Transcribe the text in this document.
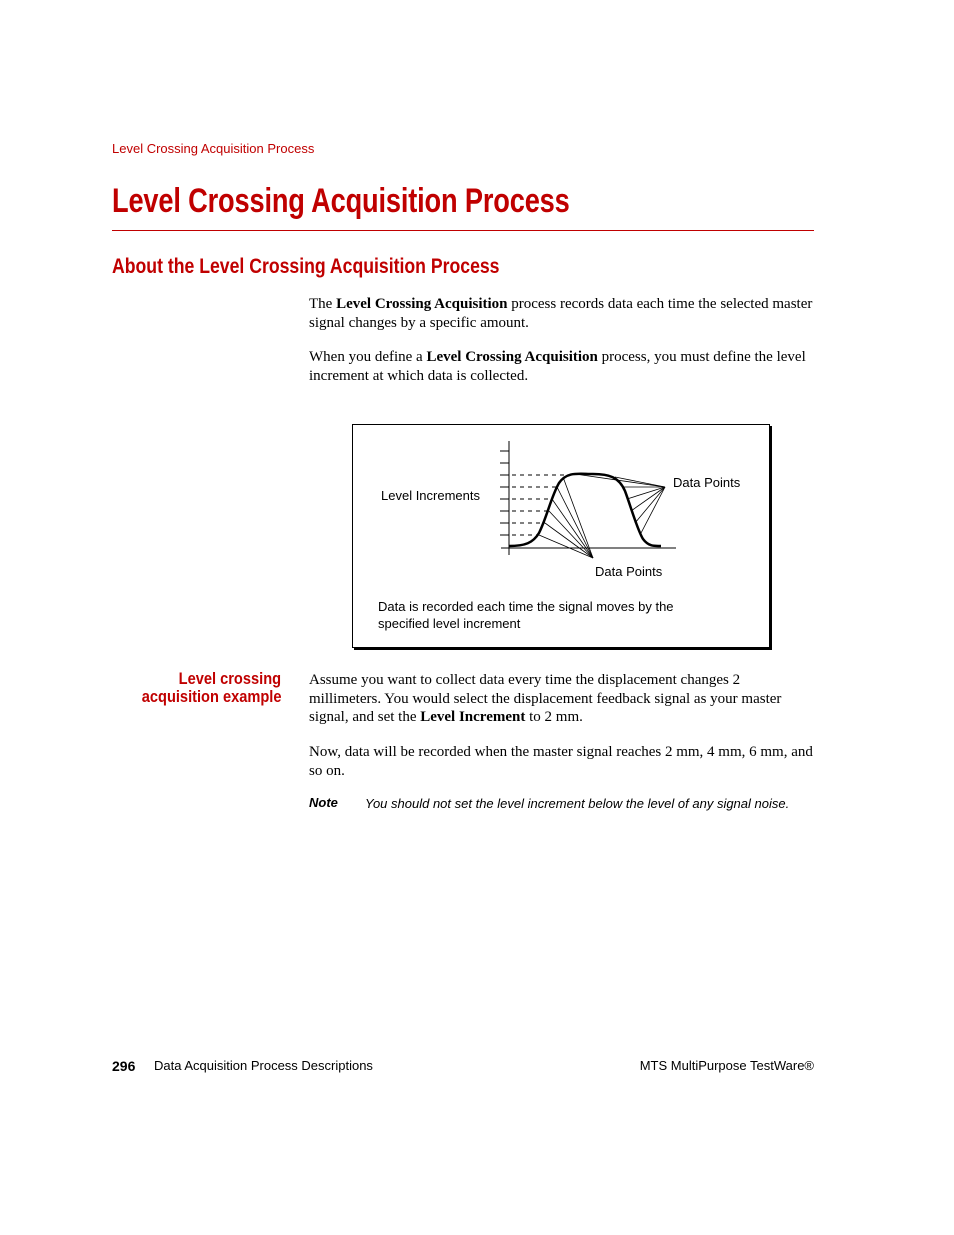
Level Crossing Acquisition Process
Level Crossing Acquisition Process
About the Level Crossing Acquisition Process
The Level Crossing Acquisition process records data each time the selected master signal changes by a specific amount.
When you define a Level Crossing Acquisition process, you must define the level increment at which data is collected.
Level Increments
Data Points
Data Points
Data is recorded each time the signal moves by the specified level increment
Level crossing
acquisition example
Assume you want to collect data every time the displacement changes 2 millimeters. You would select the displacement feedback signal as your master signal, and set the Level Increment to 2 mm.
Now, data will be recorded when the master signal reaches 2 mm, 4 mm, 6 mm, and so on.
Note You should not set the level increment below the level of any signal noise.
296 Data Acquisition Process Descriptions	MTS MultiPurpose TestWare®
